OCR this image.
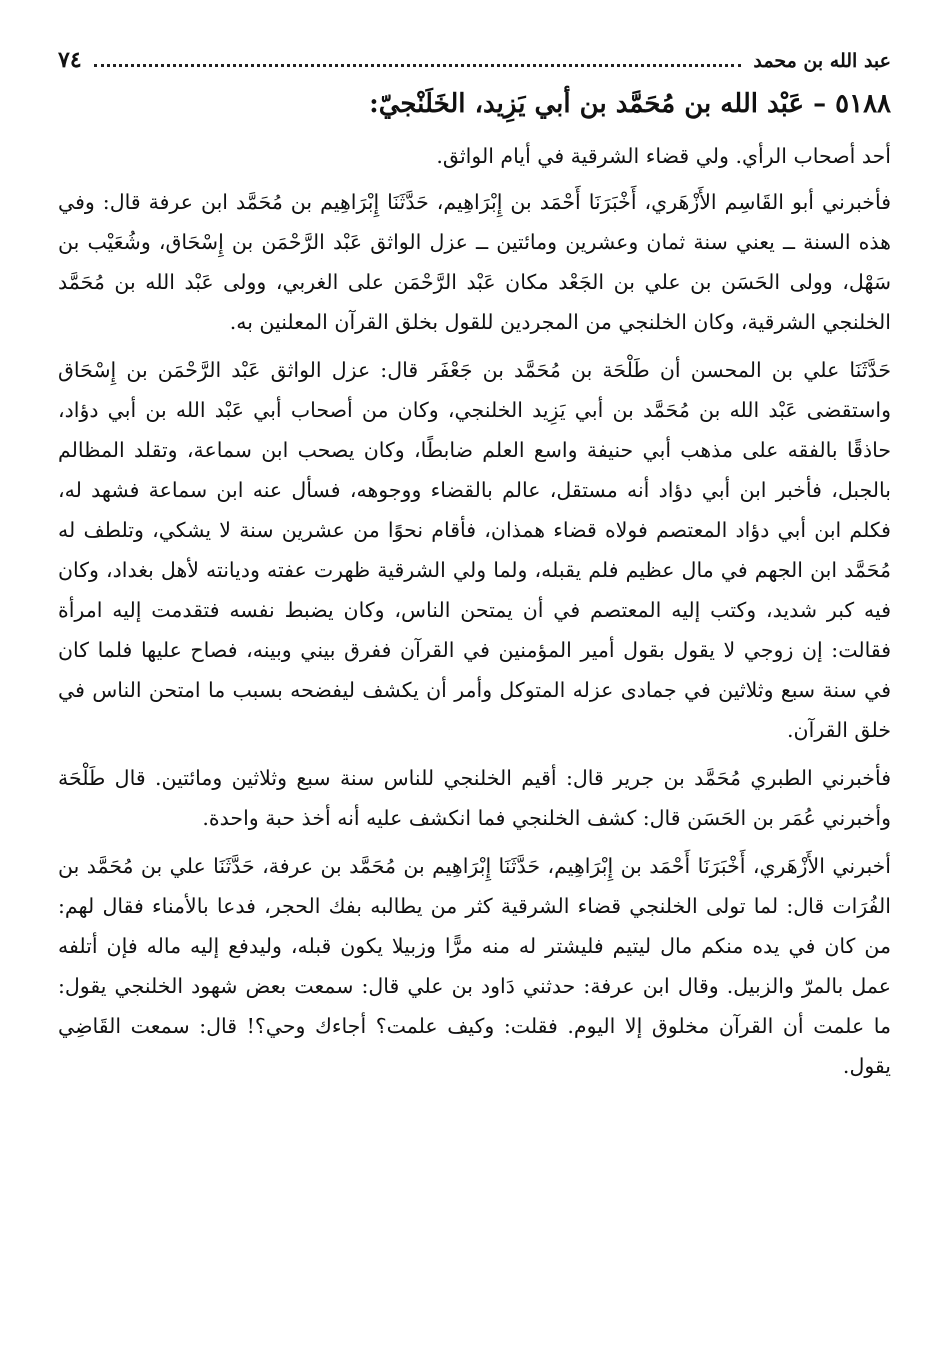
عبد الله بن محمد
٧٤
٥١٨٨ – عَبْد الله بن مُحَمَّد بن أبي يَزِيد، الخَلَنْجيّ:

أحد أصحاب الرأي. ولي قضاء الشرقية في أيام الواثق.

فأخبرني أبو القَاسِم الأَزْهَري، أَخْبَرَنَا أَحْمَد بن إِبْرَاهِيم، حَدَّثَنَا إِبْرَاهِيم بن مُحَمَّد ابن عرفة قال: وفي هذه السنة ــ يعني سنة ثمان وعشرين ومائتين ــ عزل الواثق عَبْد الرَّحْمَن بن إِسْحَاق، وشُعَيْب بن سَهْل، وولى الحَسَن بن علي بن الجَعْد مكان عَبْد الرَّحْمَن على الغربي، وولى عَبْد الله بن مُحَمَّد الخلنجي الشرقية، وكان الخلنجي من المجردين للقول بخلق القرآن المعلنين به.

حَدَّثَنَا علي بن المحسن أن طَلْحَة بن مُحَمَّد بن جَعْفَر قال: عزل الواثق عَبْد الرَّحْمَن بن إِسْحَاق واستقضى عَبْد الله بن مُحَمَّد بن أبي يَزِيد الخلنجي، وكان من أصحاب أبي عَبْد الله بن أبي دؤاد، حاذقًا بالفقه على مذهب أبي حنيفة واسع العلم ضابطًا، وكان يصحب ابن سماعة، وتقلد المظالم بالجبل، فأخبر ابن أبي دؤاد أنه مستقل، عالم بالقضاء ووجوهه، فسأل عنه ابن سماعة فشهد له، فكلم ابن أبي دؤاد المعتصم فولاه قضاء همذان، فأقام نحوًا من عشرين سنة لا يشكي، وتلطف له مُحَمَّد ابن الجهم في مال عظيم فلم يقبله، ولما ولي الشرقية ظهرت عفته وديانته لأهل بغداد، وكان فيه كبر شديد، وكتب إليه المعتصم في أن يمتحن الناس، وكان يضبط نفسه فتقدمت إليه امرأة فقالت: إن زوجي لا يقول بقول أمير المؤمنين في القرآن ففرق بيني وبينه، فصاح عليها فلما كان في سنة سبع وثلاثين في جمادى عزله المتوكل وأمر أن يكشف ليفضحه بسبب ما امتحن الناس في خلق القرآن.

فأخبرني الطبري مُحَمَّد بن جرير قال: أقيم الخلنجي للناس سنة سبع وثلاثين ومائتين. قال طَلْحَة وأخبرني عُمَر بن الحَسَن قال: كشف الخلنجي فما انكشف عليه أنه أخذ حبة واحدة.

أخبرني الأَزْهَري، أَخْبَرَنَا أَحْمَد بن إِبْرَاهِيم، حَدَّثَنَا إِبْرَاهِيم بن مُحَمَّد بن عرفة، حَدَّثَنَا علي بن مُحَمَّد بن الفُرَات قال: لما تولى الخلنجي قضاء الشرقية كثر من يطالبه بفك الحجر، فدعا بالأمناء فقال لهم: من كان في يده منكم مال ليتيم فليشتر له منه مرًّا وزبيلا يكون قبله، وليدفع إليه ماله فإن أتلفه عمل بالمرّ والزبيل. وقال ابن عرفة: حدثني دَاود بن علي قال: سمعت بعض شهود الخلنجي يقول: ما علمت أن القرآن مخلوق إلا اليوم. فقلت: وكيف علمت؟ أجاءك وحي؟! قال: سمعت القَاضِي يقول.
